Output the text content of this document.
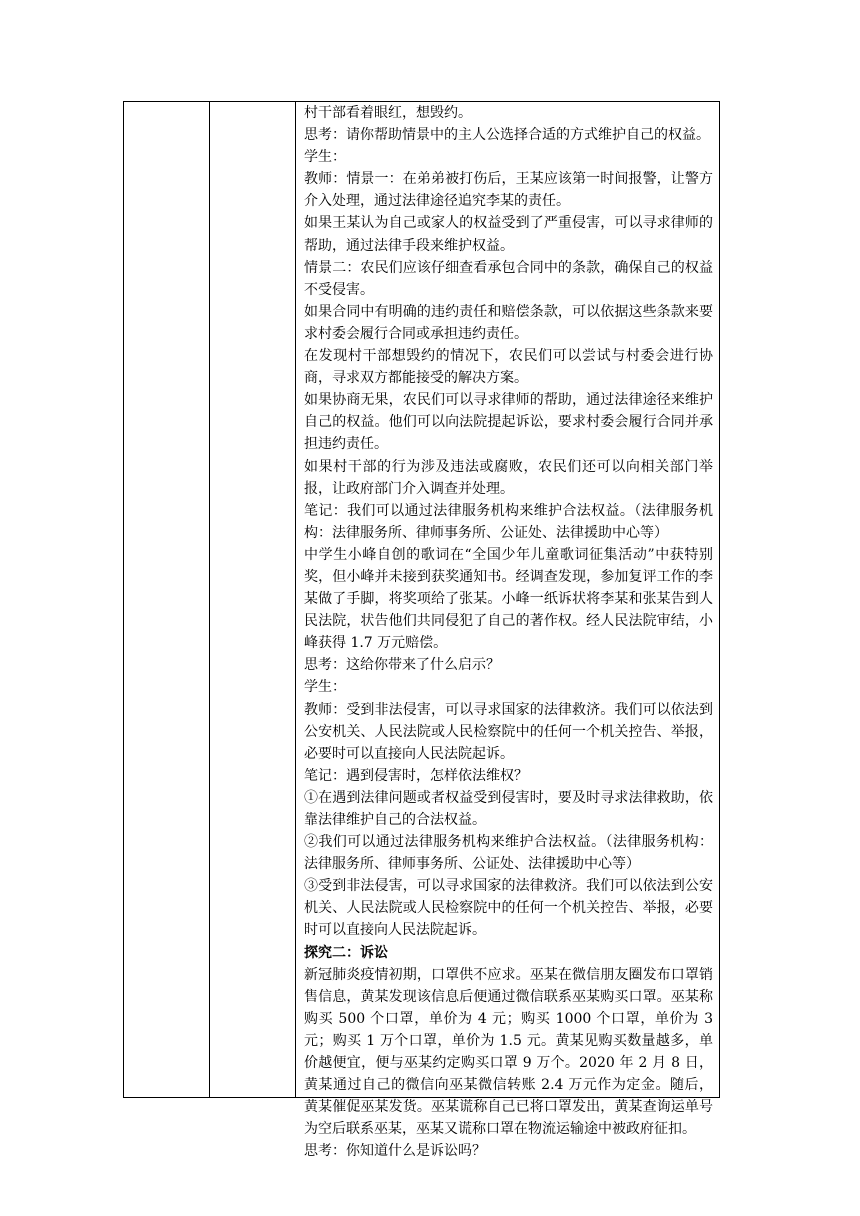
村干部看着眼红，想毁约。

思考：请你帮助情景中的主人公选择合适的方式维护自己的权益。

学生：

教师：情景一：在弟弟被打伤后，王某应该第一时间报警，让警方介入处理，通过法律途径追究李某的责任。

如果王某认为自己或家人的权益受到了严重侵害，可以寻求律师的帮助，通过法律手段来维护权益。

情景二：农民们应该仔细查看承包合同中的条款，确保自己的权益不受侵害。

如果合同中有明确的违约责任和赔偿条款，可以依据这些条款来要求村委会履行合同或承担违约责任。

在发现村干部想毁约的情况下，农民们可以尝试与村委会进行协商，寻求双方都能接受的解决方案。

如果协商无果，农民们可以寻求律师的帮助，通过法律途径来维护自己的权益。他们可以向法院提起诉讼，要求村委会履行合同并承担违约责任。

如果村干部的行为涉及违法或腐败，农民们还可以向相关部门举报，让政府部门介入调查并处理。

笔记：我们可以通过法律服务机构来维护合法权益。（法律服务机构：法律服务所、律师事务所、公证处、法律援助中心等）

中学生小峰自创的歌词在“全国少年儿童歌词征集活动”中获特别奖，但小峰并未接到获奖通知书。经调查发现，参加复评工作的李某做了手脚，将奖项给了张某。小峰一纸诉状将李某和张某告到人民法院，状告他们共同侵犯了自己的著作权。经人民法院审结，小峰获得 1.7 万元赔偿。

思考：这给你带来了什么启示？

学生：

教师：受到非法侵害，可以寻求国家的法律救济。我们可以依法到公安机关、人民法院或人民检察院中的任何一个机关控告、举报，必要时可以直接向人民法院起诉。

笔记：遇到侵害时，怎样依法维权？

①在遇到法律问题或者权益受到侵害时，要及时寻求法律救助，依靠法律维护自己的合法权益。

②我们可以通过法律服务机构来维护合法权益。（法律服务机构：法律服务所、律师事务所、公证处、法律援助中心等）

③受到非法侵害，可以寻求国家的法律救济。我们可以依法到公安机关、人民法院或人民检察院中的任何一个机关控告、举报，必要时可以直接向人民法院起诉。

探究二：诉讼

新冠肺炎疫情初期，口罩供不应求。巫某在微信朋友圈发布口罩销售信息，黄某发现该信息后便通过微信联系巫某购买口罩。巫某称购买 500 个口罩，单价为 4 元；购买 1000 个口罩，单价为 3 元；购买 1 万个口罩，单价为 1.5 元。黄某见购买数量越多，单价越便宜，便与巫某约定购买口罩 9 万个。2020 年 2 月 8 日，黄某通过自己的微信向巫某微信转账 2.4 万元作为定金。随后，黄某催促巫某发货。巫某谎称自己已将口罩发出，黄某查询运单号为空后联系巫某，巫某又谎称口罩在物流运输途中被政府征扣。

思考：你知道什么是诉讼吗？
